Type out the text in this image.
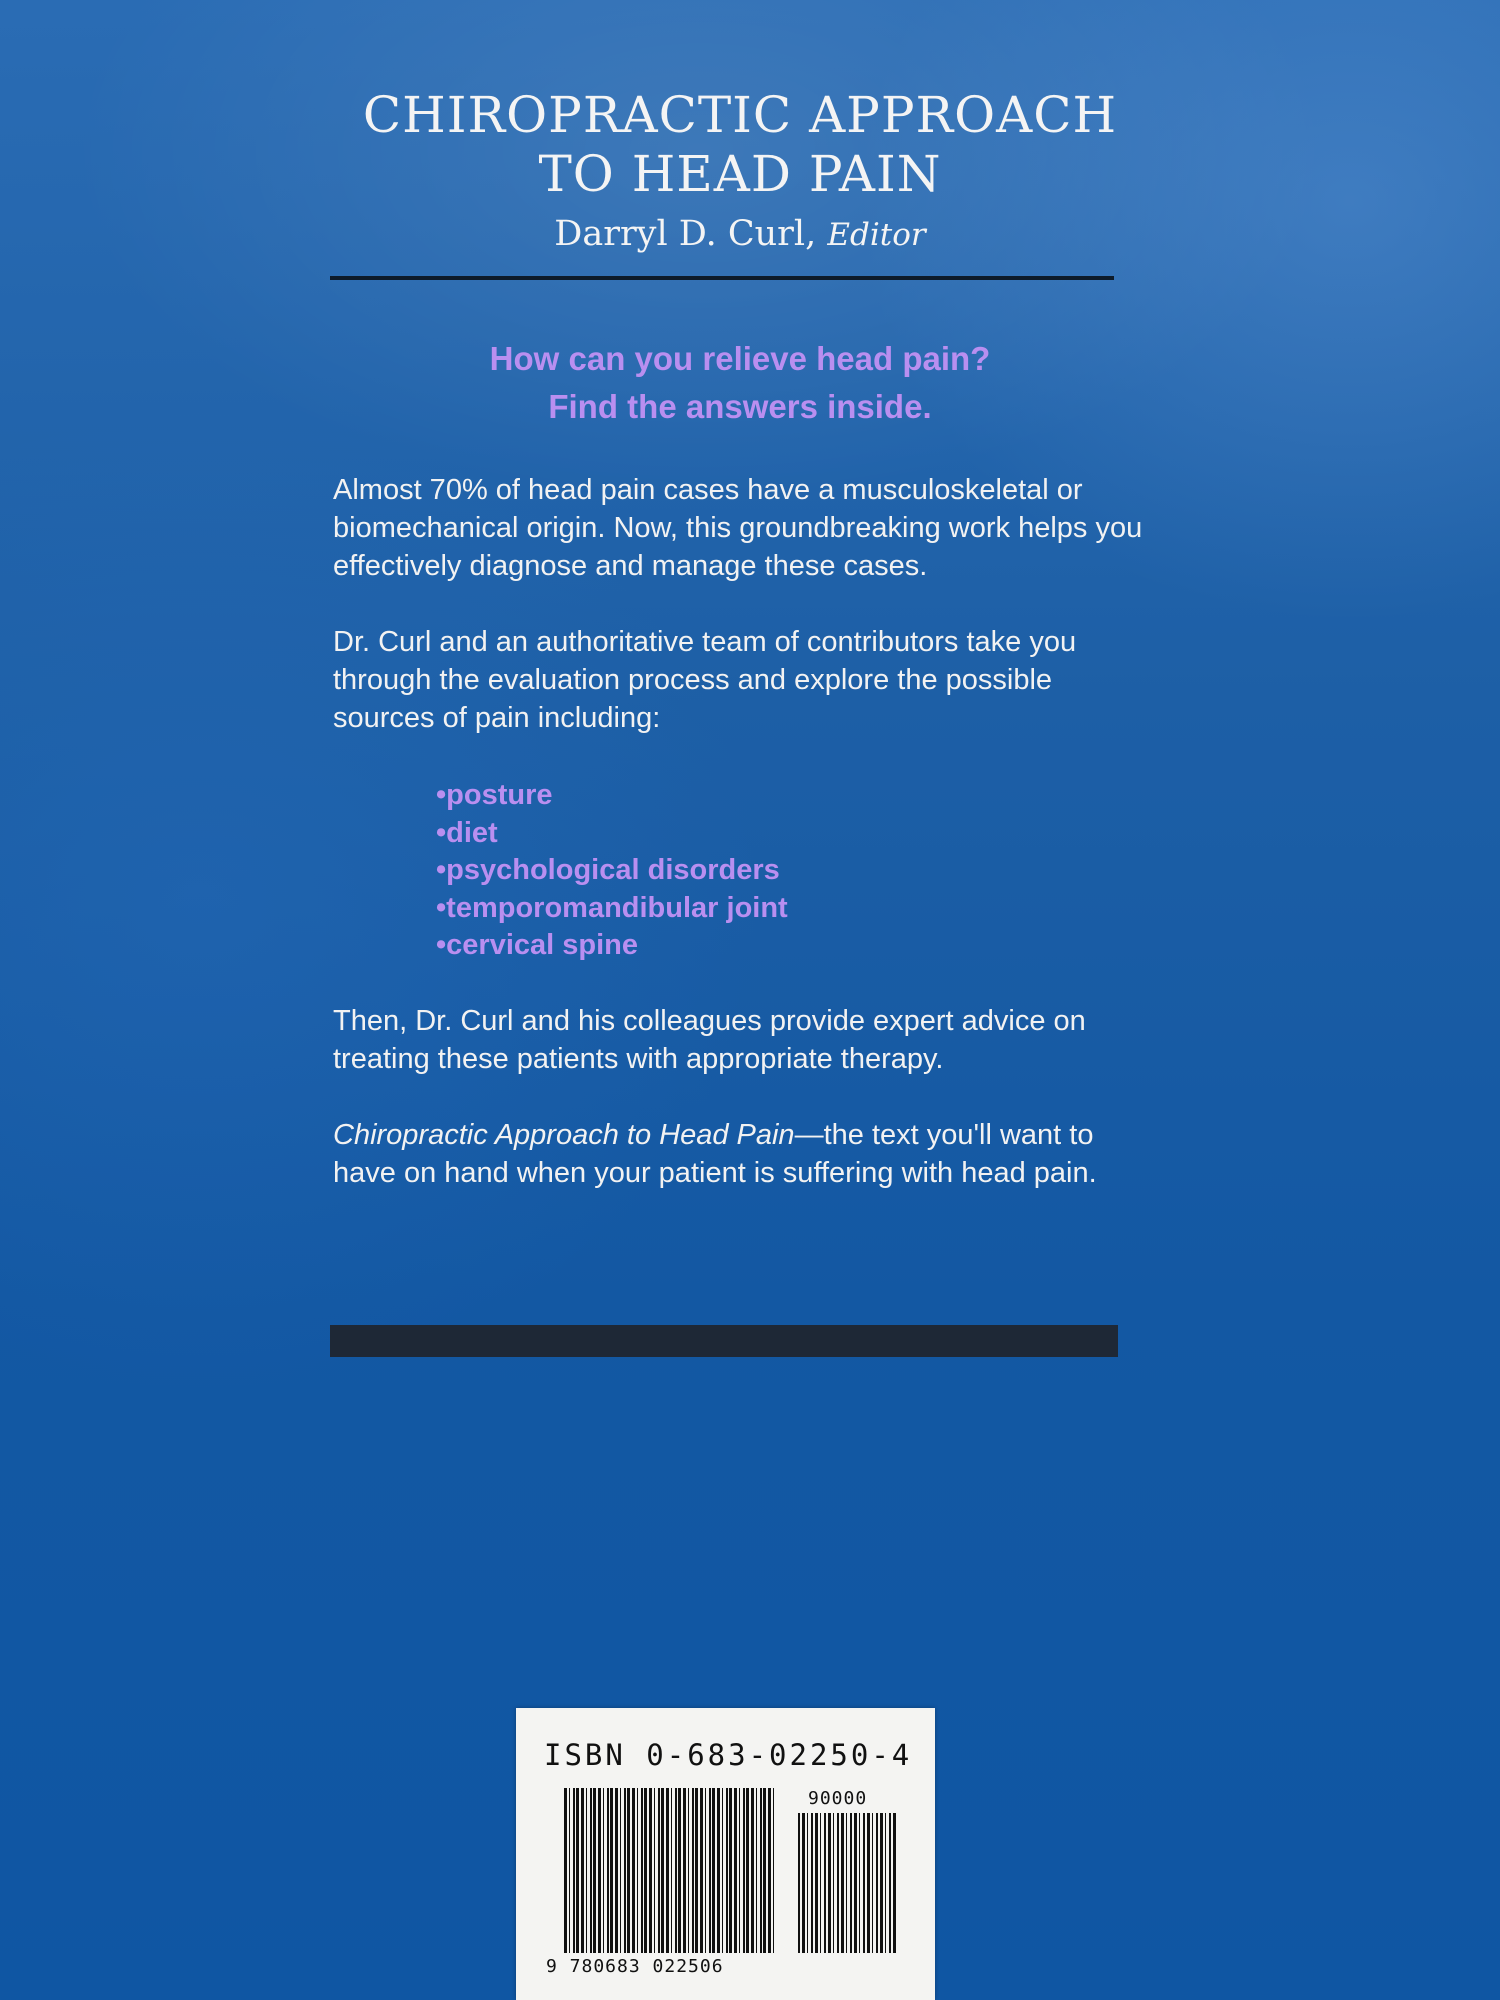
CHIROPRACTIC APPROACH
TO HEAD PAIN
Darryl D. Curl, Editor
How can you relieve head pain?
Find the answers inside.

Almost 70% of head pain cases have a musculoskeletal or biomechanical origin. Now, this groundbreaking work helps you effectively diagnose and manage these cases.

Dr. Curl and an authoritative team of contributors take you through the evaluation process and explore the possible sources of pain including:

• posture
• diet
• psychological disorders
• temporomandibular joint
• cervical spine

Then, Dr. Curl and his colleagues provide expert advice on treating these patients with appropriate therapy.

Chiropractic Approach to Head Pain—the text you'll want to have on hand when your patient is suffering with head pain.

ISBN 0-683-02250-4
90000
9 780683 022506
